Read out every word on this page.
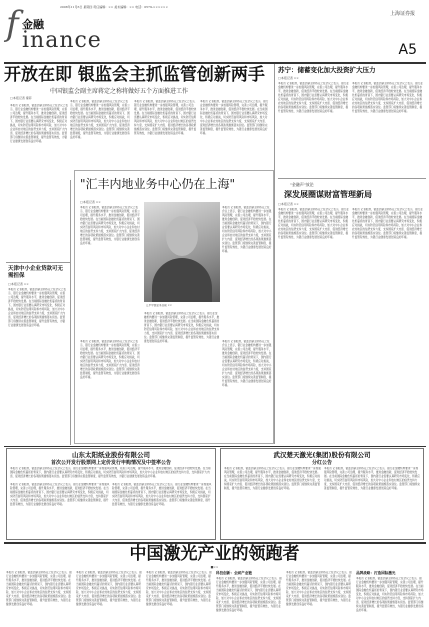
f 金融
inance
2008年11月6日 星期四 责任编辑：×× 美术编辑：×× 电话：0579-××××××
上海证券报
A5
开放在即 银监会主抓监管创新两手
中国银监会副主席蒋定之称将做好五个方面推进工作
□本报记者 秦菲
本报讯 记者报道，银监会副主席蒋定之在会议上表示，银行业金融机构要进一步加强风险管理，完善公司治理，提升服务水平，推进金融创新，促进经济平稳较快发展。在当前国际金融危机蔓延的背景下，国内银行业需要认真研究市场变化，积极应对挑战，切实防范信用风险和市场风险，加大对中小企业和农村地区的信贷支持力度，支持国家扩大内需、促进经济增长的各项政策措施落实到位。监管部门将继续完善监管制度，提升监管有效性，为银行业健康发展创造良好环境。
本报讯 记者报道，银监会副主席蒋定之在会议上表示，银行业金融机构要进一步加强风险管理，完善公司治理，提升服务水平，推进金融创新，促进经济平稳较快发展。在当前国际金融危机蔓延的背景下，国内银行业需要认真研究市场变化，积极应对挑战，切实防范信用风险和市场风险，加大对中小企业和农村地区的信贷支持力度，支持国家扩大内需、促进经济增长的各项政策措施落实到位。监管部门将继续完善监管制度，提升监管有效性，为银行业健康发展创造良好环境。
本报讯 记者报道，银监会副主席蒋定之在会议上表示，银行业金融机构要进一步加强风险管理，完善公司治理，提升服务水平，推进金融创新，促进经济平稳较快发展。在当前国际金融危机蔓延的背景下，国内银行业需要认真研究市场变化，积极应对挑战，切实防范信用风险和市场风险，加大对中小企业和农村地区的信贷支持力度，支持国家扩大内需、促进经济增长的各项政策措施落实到位。监管部门将继续完善监管制度，提升监管有效性，为银行业健康发展创造良好环境。
本报讯 记者报道，银监会副主席蒋定之在会议上表示，银行业金融机构要进一步加强风险管理，完善公司治理，提升服务水平，推进金融创新，促进经济平稳较快发展。在当前国际金融危机蔓延的背景下，国内银行业需要认真研究市场变化，积极应对挑战，切实防范信用风险和市场风险，加大对中小企业和农村地区的信贷支持力度，支持国家扩大内需、促进经济增长的各项政策措施落实到位。监管部门将继续完善监管制度，提升监管有效性，为银行业健康发展创造良好环境。
天津中小企业贷款可无需担保
□本报记者 ××
本报讯 记者报道，银监会副主席蒋定之在会议上表示，银行业金融机构要进一步加强风险管理，完善公司治理，提升服务水平，推进金融创新，促进经济平稳较快发展。在当前国际金融危机蔓延的背景下，国内银行业需要认真研究市场变化，积极应对挑战，切实防范信用风险和市场风险，加大对中小企业和农村地区的信贷支持力度，支持国家扩大内需、促进经济增长的各项政策措施落实到位。监管部门将继续完善监管制度，提升监管有效性，为银行业健康发展创造良好环境。
"汇丰内地业务中心仍在上海"
□本报记者 ××
本报讯 记者报道，银监会副主席蒋定之在会议上表示，银行业金融机构要进一步加强风险管理，完善公司治理，提升服务水平，推进金融创新，促进经济平稳较快发展。在当前国际金融危机蔓延的背景下，国内银行业需要认真研究市场变化，积极应对挑战，切实防范信用风险和市场风险，加大对中小企业和农村地区的信贷支持力度，支持国家扩大内需、促进经济增长的各项政策措施落实到位。监管部门将继续完善监管制度，提升监管有效性，为银行业健康发展创造良好环境。
汇丰中国业务总裁 ××
本报讯 记者报道，银监会副主席蒋定之在会议上表示，银行业金融机构要进一步加强风险管理，完善公司治理，提升服务水平，推进金融创新，促进经济平稳较快发展。在当前国际金融危机蔓延的背景下，国内银行业需要认真研究市场变化，积极应对挑战，切实防范信用风险和市场风险，加大对中小企业和农村地区的信贷支持力度，支持国家扩大内需、促进经济增长的各项政策措施落实到位。监管部门将继续完善监管制度，提升监管有效性，为银行业健康发展创造良好环境。
本报讯 记者报道，银监会副主席蒋定之在会议上表示，银行业金融机构要进一步加强风险管理，完善公司治理，提升服务水平，推进金融创新，促进经济平稳较快发展。在当前国际金融危机蔓延的背景下，国内银行业需要认真研究市场变化，积极应对挑战，切实防范信用风险和市场风险，加大对中小企业和农村地区的信贷支持力度，支持国家扩大内需、促进经济增长的各项政策措施落实到位。监管部门将继续完善监管制度，提升监管有效性，为银行业健康发展创造良好环境。
本报讯 记者报道，银监会副主席蒋定之在会议上表示，银行业金融机构要进一步加强风险管理，完善公司治理，提升服务水平，推进金融创新，促进经济平稳较快发展。在当前国际金融危机蔓延的背景下，国内银行业需要认真研究市场变化，积极应对挑战，切实防范信用风险和市场风险，加大对中小企业和农村地区的信贷支持力度，支持国家扩大内需、促进经济增长的各项政策措施落实到位。监管部门将继续完善监管制度，提升监管有效性，为银行业健康发展创造良好环境。	本报讯 记者报道，银监会副主席蒋定之在会议上表示，银行业金融机构要进一步加强风险管理，完善公司治理，提升服务水平，推进金融创新，促进经济平稳较快发展。在当前国际金融危机蔓延的背景下，国内银行业需要认真研究市场变化，积极应对挑战，切实防范信用风险和市场风险，加大对中小企业和农村地区的信贷支持力度，支持国家扩大内需、促进经济增长的各项政策措施落实到位。监管部门将继续完善监管制度，提升监管有效性，为银行业健康发展创造良好环境。
苏宁：储蓄变化加大投资扩大压力
□本报记者 ××
本报讯 记者报道，银监会副主席蒋定之在会议上表示，银行业金融机构要进一步加强风险管理，完善公司治理，提升服务水平，推进金融创新，促进经济平稳较快发展。在当前国际金融危机蔓延的背景下，国内银行业需要认真研究市场变化，积极应对挑战，切实防范信用风险和市场风险，加大对中小企业和农村地区的信贷支持力度，支持国家扩大内需、促进经济增长的各项政策措施落实到位。监管部门将继续完善监管制度，提升监管有效性，为银行业健康发展创造良好环境。
本报讯 记者报道，银监会副主席蒋定之在会议上表示，银行业金融机构要进一步加强风险管理，完善公司治理，提升服务水平，推进金融创新，促进经济平稳较快发展。在当前国际金融危机蔓延的背景下，国内银行业需要认真研究市场变化，积极应对挑战，切实防范信用风险和市场风险，加大对中小企业和农村地区的信贷支持力度，支持国家扩大内需、促进经济增长的各项政策措施落实到位。监管部门将继续完善监管制度，提升监管有效性，为银行业健康发展创造良好环境。
"金融声"放论
深发展圈谋财富管理新局
□本报记者 ××
本报讯 记者报道，银监会副主席蒋定之在会议上表示，银行业金融机构要进一步加强风险管理，完善公司治理，提升服务水平，推进金融创新，促进经济平稳较快发展。在当前国际金融危机蔓延的背景下，国内银行业需要认真研究市场变化，积极应对挑战，切实防范信用风险和市场风险，加大对中小企业和农村地区的信贷支持力度，支持国家扩大内需、促进经济增长的各项政策措施落实到位。监管部门将继续完善监管制度，提升监管有效性，为银行业健康发展创造良好环境。
本报讯 记者报道，银监会副主席蒋定之在会议上表示，银行业金融机构要进一步加强风险管理，完善公司治理，提升服务水平，推进金融创新，促进经济平稳较快发展。在当前国际金融危机蔓延的背景下，国内银行业需要认真研究市场变化，积极应对挑战，切实防范信用风险和市场风险，加大对中小企业和农村地区的信贷支持力度，支持国家扩大内需、促进经济增长的各项政策措施落实到位。监管部门将继续完善监管制度，提升监管有效性，为银行业健康发展创造良好环境。
山东太阳纸业股份有限公司
首次公开发行股票网上定价发行申购情况及中签率公告
本报讯 记者报道，银监会副主席蒋定之在会议上表示，银行业金融机构要进一步加强风险管理，完善公司治理，提升服务水平，推进金融创新，促进经济平稳较快发展。在当前国际金融危机蔓延的背景下，国内银行业需要认真研究市场变化，积极应对挑战，切实防范信用风险和市场风险，加大对中小企业和农村地区的信贷支持力度，支持国家扩大内需、促进经济增长的各项政策措施落实到位。监管部门将继续完善监管制度，提升监管有效性，为银行业健康发展创造良好环境。
本报讯 记者报道，银监会副主席蒋定之在会议上表示，银行业金融机构要进一步加强风险管理，完善公司治理，提升服务水平，推进金融创新，促进经济平稳较快发展。在当前国际金融危机蔓延的背景下，国内银行业需要认真研究市场变化，积极应对挑战，切实防范信用风险和市场风险，加大对中小企业和农村地区的信贷支持力度，支持国家扩大内需、促进经济增长的各项政策措施落实到位。监管部门将继续完善监管制度，提升监管有效性，为银行业健康发展创造良好环境。
本报讯 记者报道，银监会副主席蒋定之在会议上表示，银行业金融机构要进一步加强风险管理，完善公司治理，提升服务水平，推进金融创新，促进经济平稳较快发展。在当前国际金融危机蔓延的背景下，国内银行业需要认真研究市场变化，积极应对挑战，切实防范信用风险和市场风险，加大对中小企业和农村地区的信贷支持力度，支持国家扩大内需、促进经济增长的各项政策措施落实到位。监管部门将继续完善监管制度，提升监管有效性，为银行业健康发展创造良好环境。
武汉楚天激光(集团)股份有限公司
分红公告
本报讯 记者报道，银监会副主席蒋定之在会议上表示，银行业金融机构要进一步加强风险管理，完善公司治理，提升服务水平，推进金融创新，促进经济平稳较快发展。在当前国际金融危机蔓延的背景下，国内银行业需要认真研究市场变化，积极应对挑战，切实防范信用风险和市场风险，加大对中小企业和农村地区的信贷支持力度，支持国家扩大内需、促进经济增长的各项政策措施落实到位。监管部门将继续完善监管制度，提升监管有效性，为银行业健康发展创造良好环境。
本报讯 记者报道，银监会副主席蒋定之在会议上表示，银行业金融机构要进一步加强风险管理，完善公司治理，提升服务水平，推进金融创新，促进经济平稳较快发展。在当前国际金融危机蔓延的背景下，国内银行业需要认真研究市场变化，积极应对挑战，切实防范信用风险和市场风险，加大对中小企业和农村地区的信贷支持力度，支持国家扩大内需、促进经济增长的各项政策措施落实到位。监管部门将继续完善监管制度，提升监管有效性，为银行业健康发展创造良好环境。
中国激光产业的领跑者
■××
本报讯 记者报道，银监会副主席蒋定之在会议上表示，银行业金融机构要进一步加强风险管理，完善公司治理，提升服务水平，推进金融创新，促进经济平稳较快发展。在当前国际金融危机蔓延的背景下，国内银行业需要认真研究市场变化，积极应对挑战，切实防范信用风险和市场风险，加大对中小企业和农村地区的信贷支持力度，支持国家扩大内需、促进经济增长的各项政策措施落实到位。监管部门将继续完善监管制度，提升监管有效性，为银行业健康发展创造良好环境。
本报讯 记者报道，银监会副主席蒋定之在会议上表示，银行业金融机构要进一步加强风险管理，完善公司治理，提升服务水平，推进金融创新，促进经济平稳较快发展。在当前国际金融危机蔓延的背景下，国内银行业需要认真研究市场变化，积极应对挑战，切实防范信用风险和市场风险，加大对中小企业和农村地区的信贷支持力度，支持国家扩大内需、促进经济增长的各项政策措施落实到位。监管部门将继续完善监管制度，提升监管有效性，为银行业健康发展创造良好环境。
本报讯 记者报道，银监会副主席蒋定之在会议上表示，银行业金融机构要进一步加强风险管理，完善公司治理，提升服务水平，推进金融创新，促进经济平稳较快发展。在当前国际金融危机蔓延的背景下，国内银行业需要认真研究市场变化，积极应对挑战，切实防范信用风险和市场风险，加大对中小企业和农村地区的信贷支持力度，支持国家扩大内需、促进经济增长的各项政策措施落实到位。监管部门将继续完善监管制度，提升监管有效性，为银行业健康发展创造良好环境。
科技创新：全面产业链
本报讯 记者报道，银监会副主席蒋定之在会议上表示，银行业金融机构要进一步加强风险管理，完善公司治理，提升服务水平，推进金融创新，促进经济平稳较快发展。在当前国际金融危机蔓延的背景下，国内银行业需要认真研究市场变化，积极应对挑战，切实防范信用风险和市场风险，加大对中小企业和农村地区的信贷支持力度，支持国家扩大内需、促进经济增长的各项政策措施落实到位。监管部门将继续完善监管制度，提升监管有效性，为银行业健康发展创造良好环境。
本报讯 记者报道，银监会副主席蒋定之在会议上表示，银行业金融机构要进一步加强风险管理，完善公司治理，提升服务水平，推进金融创新，促进经济平稳较快发展。在当前国际金融危机蔓延的背景下，国内银行业需要认真研究市场变化，积极应对挑战，切实防范信用风险和市场风险，加大对中小企业和农村地区的信贷支持力度，支持国家扩大内需、促进经济增长的各项政策措施落实到位。监管部门将继续完善监管制度，提升监管有效性，为银行业健康发展创造良好环境。
品牌战略：打造国际激光
本报讯 记者报道，银监会副主席蒋定之在会议上表示，银行业金融机构要进一步加强风险管理，完善公司治理，提升服务水平，推进金融创新，促进经济平稳较快发展。在当前国际金融危机蔓延的背景下，国内银行业需要认真研究市场变化，积极应对挑战，切实防范信用风险和市场风险，加大对中小企业和农村地区的信贷支持力度，支持国家扩大内需、促进经济增长的各项政策措施落实到位。监管部门将继续完善监管制度，提升监管有效性，为银行业健康发展创造良好环境。
